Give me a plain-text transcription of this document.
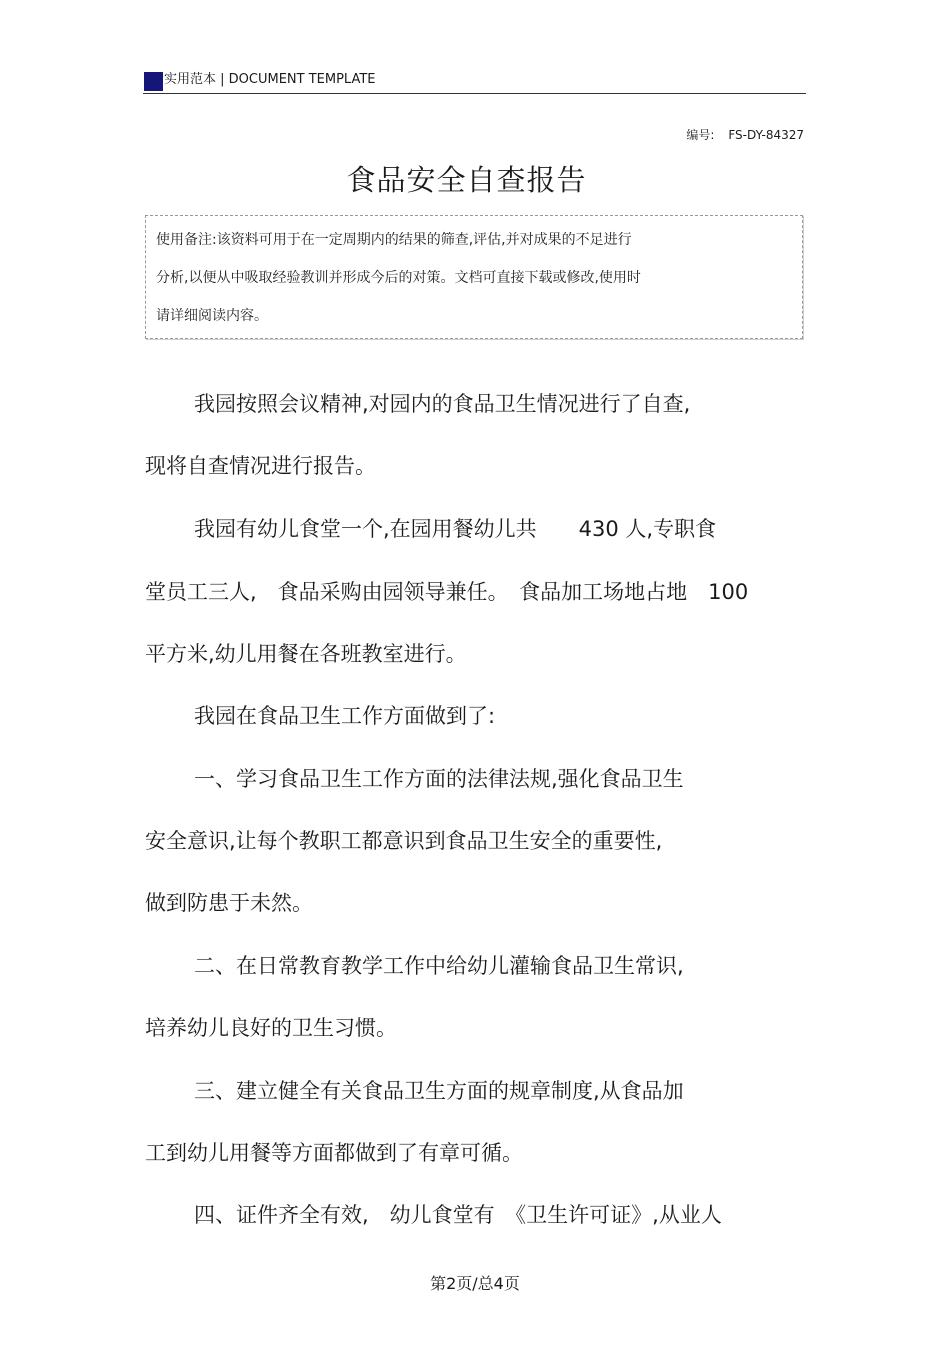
实用范本 | DOCUMENT TEMPLATE
编号: FS-DY-84327
食品安全自查报告
使用备注:该资料可用于在一定周期内的结果的筛查,评估,并对成果的不足进行
分析,以便从中吸取经验教训并形成今后的对策。文档可直接下载或修改,使用时
请详细阅读内容。
我园按照会议精神,对园内的食品卫生情况进行了自查,
现将自查情况进行报告。
我园有幼儿食堂一个,在园用餐幼儿共　　430 人,专职食
堂员工三人,　食品采购由园领导兼任。　食品加工场地占地　100
平方米,幼儿用餐在各班教室进行。
我园在食品卫生工作方面做到了:
一、学习食品卫生工作方面的法律法规,强化食品卫生
安全意识,让每个教职工都意识到食品卫生安全的重要性,
做到防患于未然。
二、在日常教育教学工作中给幼儿灌输食品卫生常识,
培养幼儿良好的卫生习惯。
三、建立健全有关食品卫生方面的规章制度,从食品加
工到幼儿用餐等方面都做到了有章可循。
四、证件齐全有效,　幼儿食堂有　《卫生许可证》,从业人
第2页/总4页
